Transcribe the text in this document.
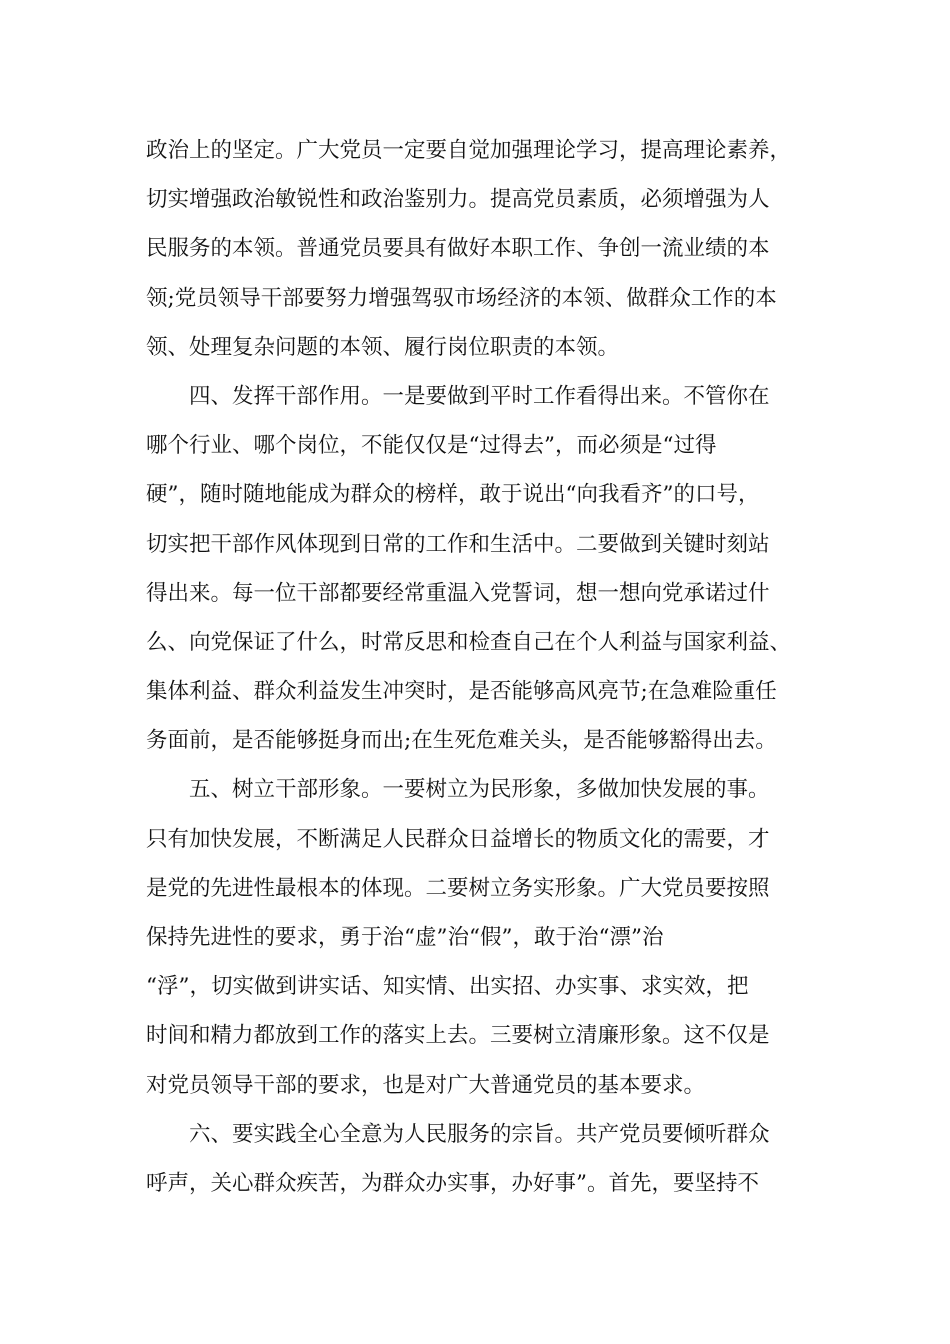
政治上的坚定。广大党员一定要自觉加强理论学习，提高理论素养，
切实增强政治敏锐性和政治鉴别力。提高党员素质，必须增强为人
民服务的本领。普通党员要具有做好本职工作、争创一流业绩的本
领;党员领导干部要努力增强驾驭市场经济的本领、做群众工作的本
领、处理复杂问题的本领、履行岗位职责的本领。
　　四、发挥干部作用。一是要做到平时工作看得出来。不管你在
哪个行业、哪个岗位，不能仅仅是“过得去”，而必须是“过得
硬”，随时随地能成为群众的榜样，敢于说出“向我看齐”的口号，
切实把干部作风体现到日常的工作和生活中。二要做到关键时刻站
得出来。每一位干部都要经常重温入党誓词，想一想向党承诺过什
么、向党保证了什么，时常反思和检查自己在个人利益与国家利益、
集体利益、群众利益发生冲突时，是否能够高风亮节;在急难险重任
务面前，是否能够挺身而出;在生死危难关头，是否能够豁得出去。
　　五、树立干部形象。一要树立为民形象，多做加快发展的事。
只有加快发展，不断满足人民群众日益增长的物质文化的需要，才
是党的先进性最根本的体现。二要树立务实形象。广大党员要按照
保持先进性的要求，勇于治“虚”治“假”，敢于治“漂”治
“浮”，切实做到讲实话、知实情、出实招、办实事、求实效，把
时间和精力都放到工作的落实上去。三要树立清廉形象。这不仅是
对党员领导干部的要求，也是对广大普通党员的基本要求。
　　六、要实践全心全意为人民服务的宗旨。共产党员要倾听群众
呼声，关心群众疾苦，为群众办实事，办好事”。首先，要坚持不
